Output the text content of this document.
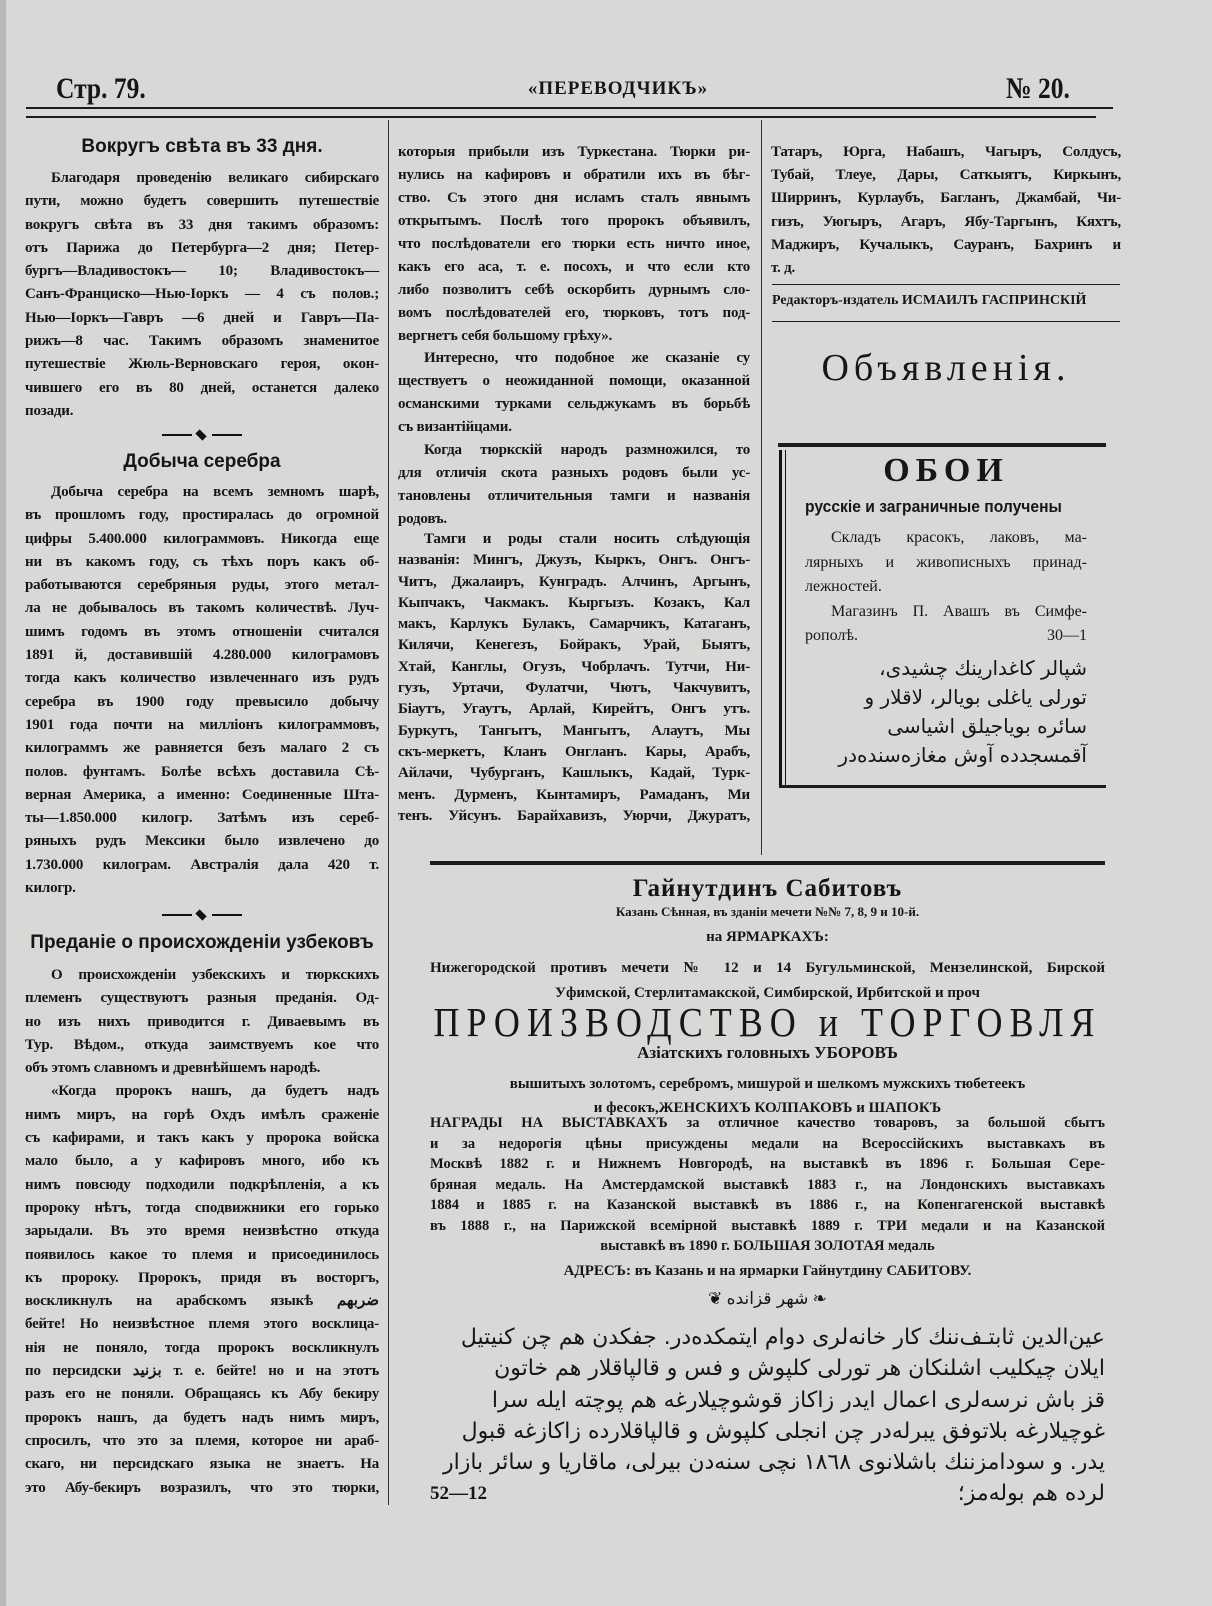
Стр. 79.	«ПЕРЕВОДЧИКЪ»	№ 20.
Вокругъ свѣта въ 33 дня.
Благодаря проведенію великаго сибирскаго
пути, можно будетъ совершить путешествіе
вокругъ свѣта въ 33 дня такимъ образомъ:
отъ Парижа до Петербурга—2 дня; Петер-
бургъ—Владивостокъ— 10; Владивостокъ—
Санъ-Франциско—Нью-Іоркъ — 4 съ полов.;
Нью—Іоркъ—Гавръ —6 дней и Гавръ—Па-
рижъ—8 час. Такимъ образомъ знаменитое
путешествіе Жюль-Верновскаго героя, окон-
чившего его въ 80 дней, останется далеко
позади.
Добыча серебра
Добыча серебра на всемъ земномъ шарѣ,
въ прошломъ году, простиралась до огромной
цифры 5.400.000 килограммовъ. Никогда еще
ни въ какомъ году, съ тѣхъ поръ какъ об-
работываются серебряныя руды, этого метал-
ла не добывалось въ такомъ количествѣ. Луч-
шимъ годомъ въ этомъ отношеніи считался
1891 й, доставившій 4.280.000 килограмовъ
тогда какъ количество извлеченнаго изъ рудъ
серебра въ 1900 году превысило добычу
1901 года почти на милліонъ килограммовъ,
килограммъ же равняется безъ малаго 2 съ
полов. фунтамъ. Болѣе всѣхъ доставила Сѣ-
верная Америка, а именно: Соединенные Шта-
ты—1.850.000 килогр. Затѣмъ изъ сереб-
ряныхъ рудъ Мексики было извлечено до
1.730.000 килограм. Австралія дала 420 т.
килогр.
Преданіе о происхожденіи узбековъ
О происхожденіи узбекскихъ и тюркскихъ
племенъ существуютъ разныя преданія. Од-
но изъ нихъ приводится г. Диваевымъ въ
Тур. Вѣдом., откуда заимствуемъ кое что
объ этомъ славномъ и древнѣйшемъ народѣ.
«Когда пророкъ нашъ, да будетъ надъ
нимъ миръ, на горѣ Охдъ имѣлъ сраженіе
съ кафирами, и такъ какъ у пророка войска
мало было, а у кафировъ много, ибо къ
нимъ повсюду подходили подкрѣпленія, а къ
пророку нѣтъ, тогда сподвижники его горько
зарыдали. Въ это время неизвѣстно откуда
появилось какое то племя и присоединилось
къ пророку. Пророкъ, придя въ восторгъ,
воскликнулъ на арабскомъ языкѣ ضربهم
бейте! Но неизвѣстное племя этого восклица-
нія не поняло, тогда пророкъ воскликнулъ
по персидски بزنيد т. е. бейте! но и на этотъ
разъ его не поняли. Обращаясь къ Абу бекиру
пророкъ нашъ, да будетъ надъ нимъ миръ,
спросилъ, что это за племя, которое ни араб-
скаго, ни персидскаго языка не знаетъ. На
это Абу-бекиръ возразилъ, что это тюрки,
которыя прибыли изъ Туркестана. Тюрки ри-
нулись на кафировъ и обратили ихъ въ бѣг-
ство. Съ этого дня исламъ сталъ явнымъ
открытымъ. Послѣ того пророкъ объявилъ,
что послѣдователи его тюрки есть ничто иное,
какъ его аса, т. е. посохъ, и что если кто
либо позволитъ себѣ оскорбить дурнымъ сло-
вомъ послѣдователей его, тюрковъ, тотъ под-
вергнетъ себя большому грѣху».
Интересно, что подобное же сказаніе су
ществуетъ о неожиданной помощи, оказанной
османскими турками сельджукамъ въ борьбѣ
съ византійцами.
Когда тюркскій народъ размножился, то
для отличія скота разныхъ родовъ были ус-
тановлены отличительныя тамги и названія
родовъ.
Тамги и роды стали носить слѣдующія
названія: Мингъ, Джузъ, Кыркъ, Онгъ. Онгъ-
Читъ, Джалаиръ, Кунградъ. Алчинъ, Аргынъ,
Кыпчакъ, Чакмакъ. Кыргызъ. Козакъ, Кал
макъ, Карлукъ Булакъ, Самарчикъ, Катаганъ,
Килячи, Кенегезъ, Бойракъ, Урай, Быятъ,
Хтай, Канглы, Огузъ, Чобрлачъ. Тутчи, Ни-
гузъ, Уртачи, Фулатчи, Чютъ, Чакчувитъ,
Біаутъ, Угаутъ, Арлай, Кирейтъ, Онгъ утъ.
Буркутъ, Тангытъ, Мангытъ, Алаутъ, Мы
скъ-меркетъ, Кланъ Онгланъ. Кары, Арабъ,
Айлачи, Чубурганъ, Кашлыкъ, Кадай, Турк-
менъ. Дурменъ, Кынтамиръ, Рамаданъ, Ми
тенъ. Уйсунъ. Барайхавизъ, Уюрчи, Джуратъ,
Татаръ, Юрга, Набашъ, Чагыръ, Солдусъ,
Тубай, Тлеуе, Дары, Саткыятъ, Киркынъ,
Ширринъ, Курлаубъ, Багланъ, Джамбай, Чи-
гизъ, Уюгыръ, Агаръ, Ябу-Таргынъ, Кяхтъ,
Маджиръ, Кучалыкъ, Сауранъ, Бахринъ и
т. д.
Редакторъ-издатель ИСМАИЛЪ ГАСПРИНСКІЙ
Объявленія.
ОБОИ
русскіе и заграничные получены
Складъ красокъ, лаковъ, ма-
лярныхъ и живописныхъ принад-
лежностей.
Магазинъ П. Авашъ въ Симфе-
рополѣ.	30—1
شپالر کاغدارینك چشیدی،
تورلی یاغلی بویالر، لاقلار و
سائره بویاجیلق اشیاسی
آقمسجدده آوش مغازه‌سنده‌در
Гайнутдинъ Сабитовъ
Казань Сѣнная, въ зданіи мечети №№ 7, 8, 9 и 10-й.
на ЯРМАРКАХЪ:
Нижегородской противъ мечети № 12 и 14 Бугульминской, Мензелинской, Бирской
Уфимской, Стерлитамакской, Симбирской, Ирбитской и проч
ПРОИЗВОДСТВО и ТОРГОВЛЯ
Азіатскихъ головныхъ УБОРОВЪ
вышитыхъ золотомъ, серебромъ, мишурой и шелкомъ мужскихъ тюбетеекъ
и фесокъ,ЖЕНСКИХЪ КОЛПАКОВЪ и ШАПОКЪ
НАГРАДЫ НА ВЫСТАВКАХЪ за отличное качество товаровъ, за большой сбытъ
и за недорогія цѣны присуждены медали на Всероссійскихъ выставкахъ въ
Москвѣ 1882 г. и Нижнемъ Новгородѣ, на выставкѣ въ 1896 г. Большая Сере-
бряная медаль. На Амстердамской выставкѣ 1883 г., на Лондонскихъ выставкахъ
1884 и 1885 г. на Казанской выставкѣ въ 1886 г., на Копенгагенской выставкѣ
въ 1888 г., на Парижской всемірной выставкѣ 1889 г. ТРИ медали и на Казанской
выставкѣ въ 1890 г. БОЛЬШАЯ ЗОЛОТАЯ медаль
АДРЕСЪ: въ Казань и на ярмарки Гайнутдину САБИТОВУ.
❦ شهر قزانده ❧
عين‌الدين ثابتـف‌ننك كار خانه‌لرى دوام ايتمكده‌در. جفكدن هم چن كنيتيل
ايلان چيكليب اشلنكان هر تورلى كلپوش و فس و قالپاقلار هم خاتون
قز باش نرسه‌لرى اعمال ايدر زاكاز قوشوچيلارغه هم پوچته ايله سرا
غوچيلارغه بلاتوفق يبرله‌در چن انجلى كلپوش و قالپاقلارده زاكازغه قبول
يدر. و سودامزننك باشلانوى ١٨٦٨ نچى سنه‌دن بيرلى، ماقاريا و سائر بازار
52—12	لرده هم بوله‌مز؛
